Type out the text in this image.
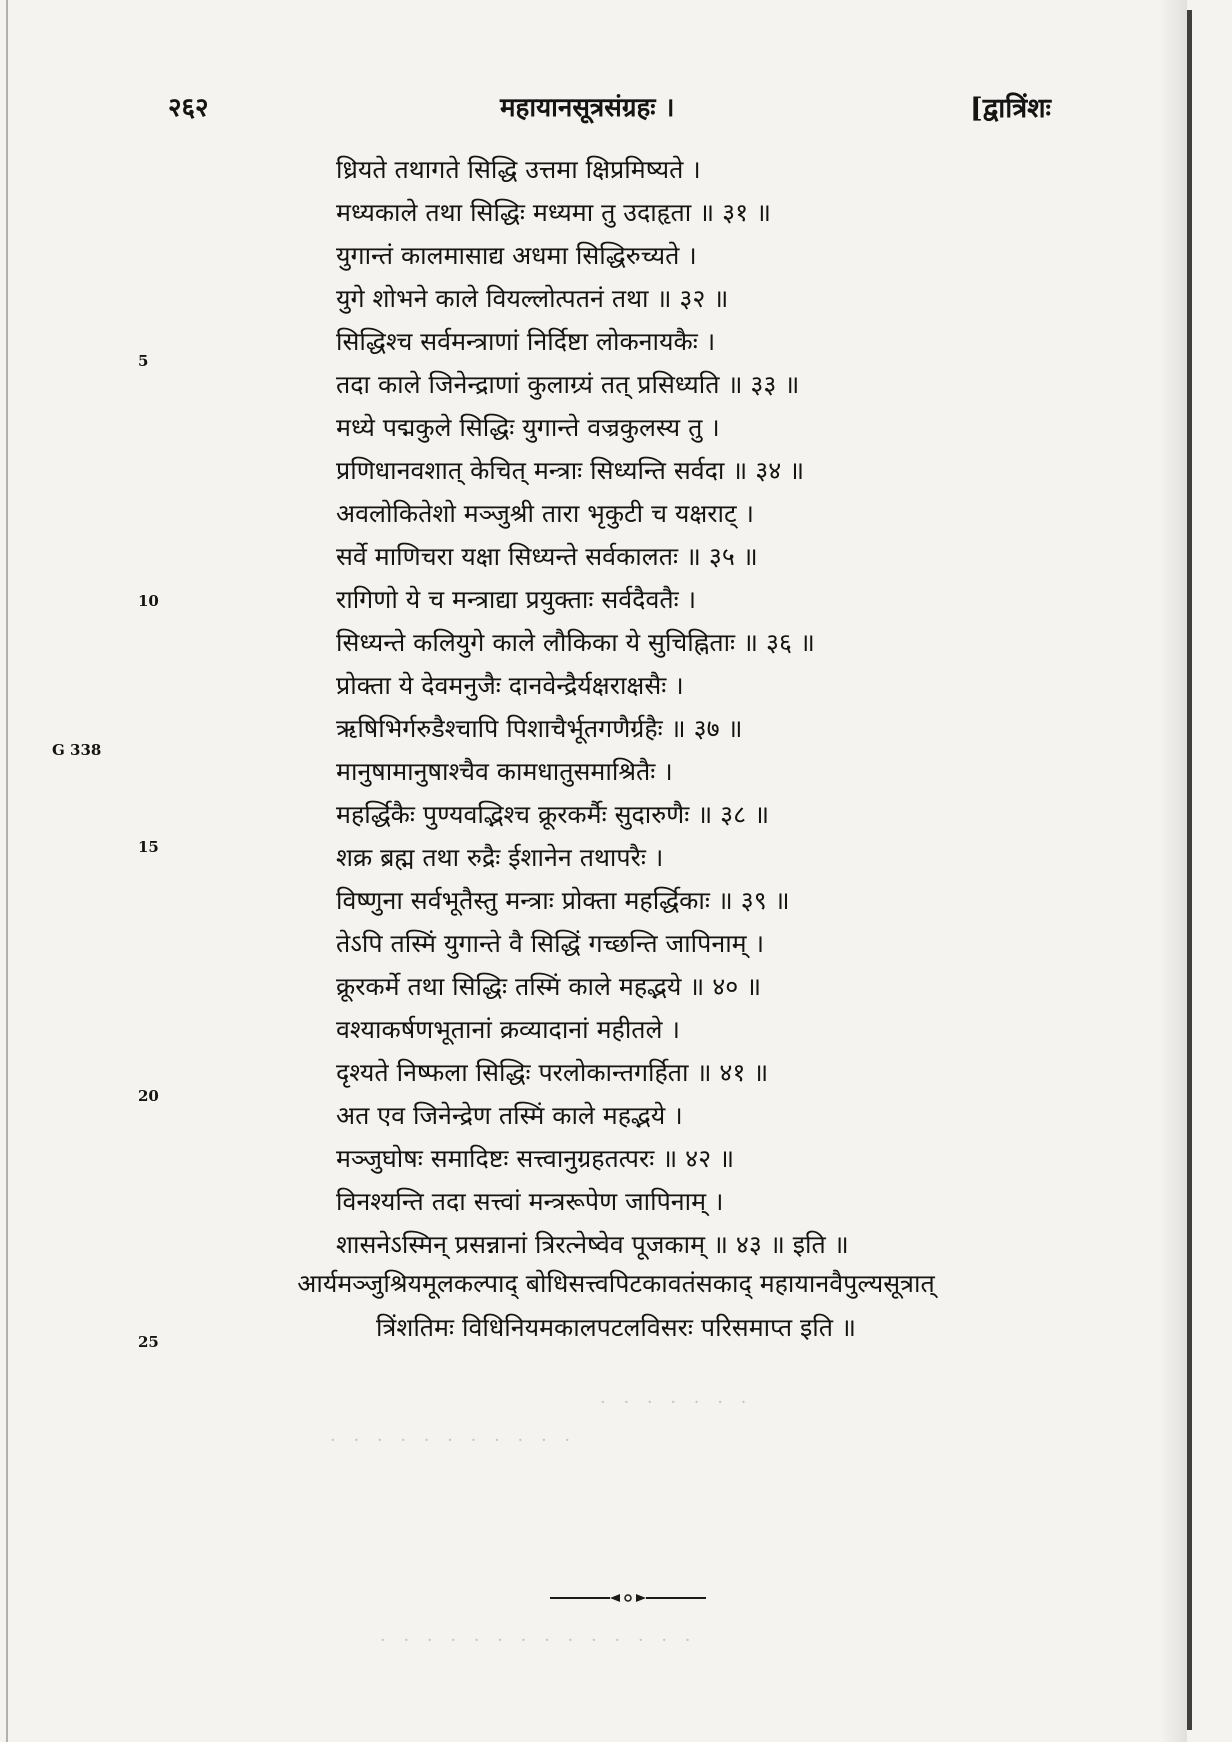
२६२	महायानसूत्रसंग्रहः ।	[द्वात्रिंशः
ध्रियते तथागते सिद्धि उत्तमा क्षिप्रमिष्यते ।
मध्यकाले तथा सिद्धिः मध्यमा तु उदाहृता ॥ ३१ ॥
युगान्तं कालमासाद्य अधमा सिद्धिरुच्यते ।
युगे शोभने काले वियल्लोत्पतनं तथा ॥ ३२ ॥
सिद्धिश्च सर्वमन्त्राणां निर्दिष्टा लोकनायकैः ।
तदा काले जिनेन्द्राणां कुलाग्र्यं तत् प्रसिध्यति ॥ ३३ ॥
मध्ये पद्मकुले सिद्धिः युगान्ते वज्रकुलस्य तु ।
प्रणिधानवशात् केचित् मन्त्राः सिध्यन्ति सर्वदा ॥ ३४ ॥
अवलोकितेशो मञ्जुश्री तारा भृकुटी च यक्षराट् ।
सर्वे माणिचरा यक्षा सिध्यन्ते सर्वकालतः ॥ ३५ ॥
रागिणो ये च मन्त्राद्या प्रयुक्ताः सर्वदैवतैः ।
सिध्यन्ते कलियुगे काले लौकिका ये सुचिह्निताः ॥ ३६ ॥
प्रोक्ता ये देवमनुजैः दानवेन्द्रैर्यक्षराक्षसैः ।
ऋषिभिर्गरुडैश्चापि पिशाचैर्भूतगणैर्ग्रहैः ॥ ३७ ॥
मानुषामानुषाश्चैव कामधातुसमाश्रितैः ।
महर्द्धिकैः पुण्यवद्भिश्च क्रूरकर्मैः सुदारुणैः ॥ ३८ ॥
शक्र ब्रह्म तथा रुद्रैः ईशानेन तथापरैः ।
विष्णुना सर्वभूतैस्तु मन्त्राः प्रोक्ता महर्द्धिकाः ॥ ३९ ॥
तेऽपि तस्मिं युगान्ते वै सिद्धिं गच्छन्ति जापिनाम् ।
क्रूरकर्मे तथा सिद्धिः तस्मिं काले महद्भये ॥ ४० ॥
वश्याकर्षणभूतानां क्रव्यादानां महीतले ।
दृश्यते निष्फला सिद्धिः परलोकान्तगर्हिता ॥ ४१ ॥
अत एव जिनेन्द्रेण तस्मिं काले महद्भये ।
मञ्जुघोषः समादिष्टः सत्त्वानुग्रहतत्परः ॥ ४२ ॥
विनश्यन्ति तदा सत्त्वां मन्त्ररूपेण जापिनाम् ।
शासनेऽस्मिन् प्रसन्नानां त्रिरत्नेष्वेव पूजकाम् ॥ ४३ ॥ इति ॥
5
10
15
20
25
G 338
आर्यमञ्जुश्रियमूलकल्पाद् बोधिसत्त्वपिटकावतंसकाद् महायानवैपुल्यसूत्रात्
त्रिंशतिमः विधिनियमकालपटलविसरः परिसमाप्त इति ॥
· · · · · · ·
· · · · · · · · · · ·
· · · · · · · · · · · · · ·
